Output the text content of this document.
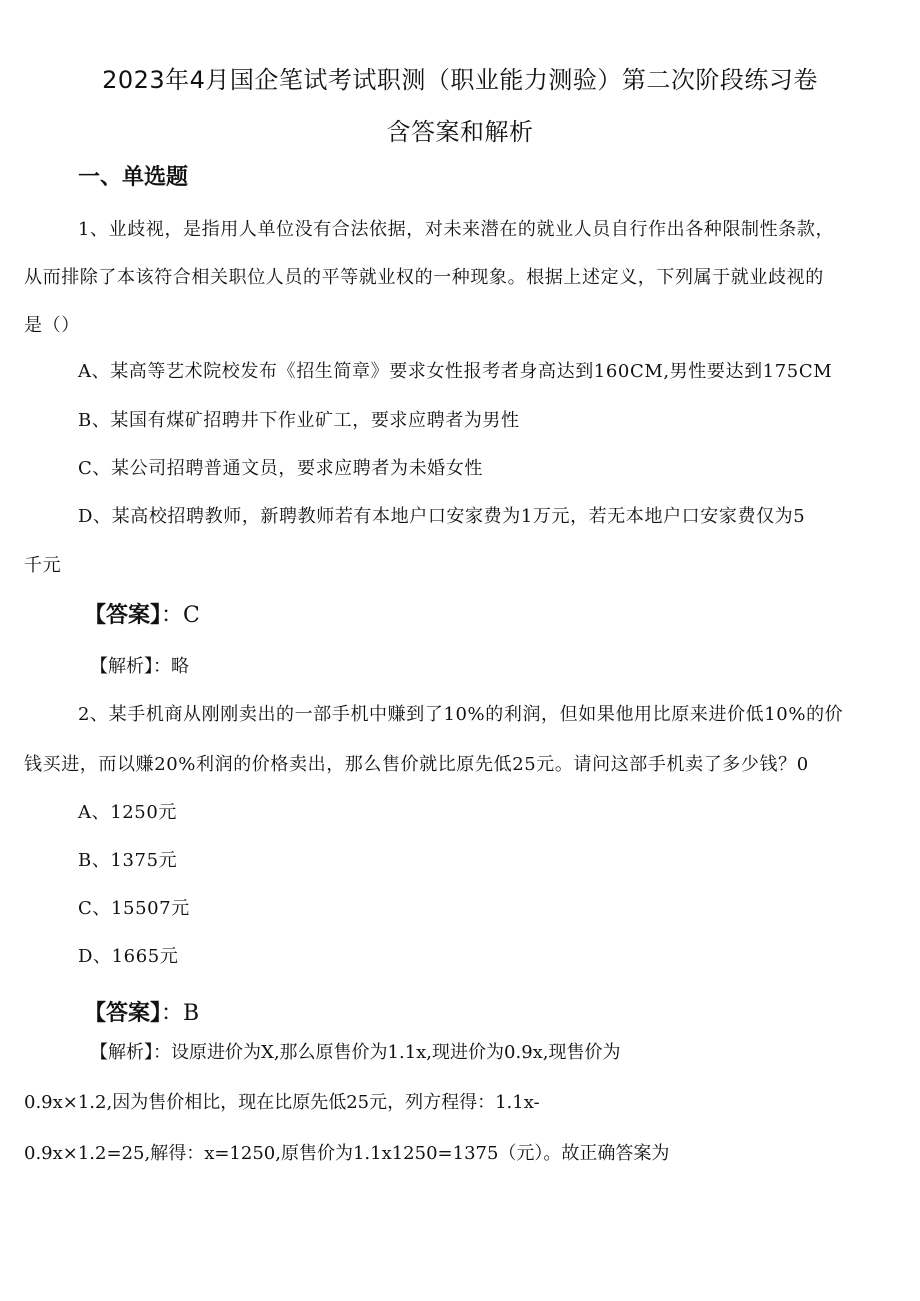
2023年4月国企笔试考试职测（职业能力测验）第二次阶段练习卷
含答案和解析
一、单选题
1、业歧视，是指用人单位没有合法依据，对未来潜在的就业人员自行作出各种限制性条款，
从而排除了本该符合相关职位人员的平等就业权的一种现象。根据上述定义，下列属于就业歧视的
是（）
A、某高等艺术院校发布《招生简章》要求女性报考者身高达到160CM,男性要达到175CM
B、某国有煤矿招聘井下作业矿工，要求应聘者为男性
C、某公司招聘普通文员，要求应聘者为未婚女性
D、某高校招聘教师，新聘教师若有本地户口安家费为1万元，若无本地户口安家费仅为5
千元
【答案】：C
【解析】：略
2、某手机商从刚刚卖出的一部手机中赚到了10%的利润，但如果他用比原来进价低10%的价
钱买进，而以赚20%利润的价格卖出，那么售价就比原先低25元。请问这部手机卖了多少钱？0
A、1250元
B、1375元
C、15507元
D、1665元
【答案】：B
【解析】：设原进价为X,那么原售价为1.1x,现进价为0.9x,现售价为
0.9x×1.2,因为售价相比，现在比原先低25元，列方程得：1.1x-
0.9x×1.2=25,解得：x=1250,原售价为1.1x1250=1375（元）。故正确答案为
